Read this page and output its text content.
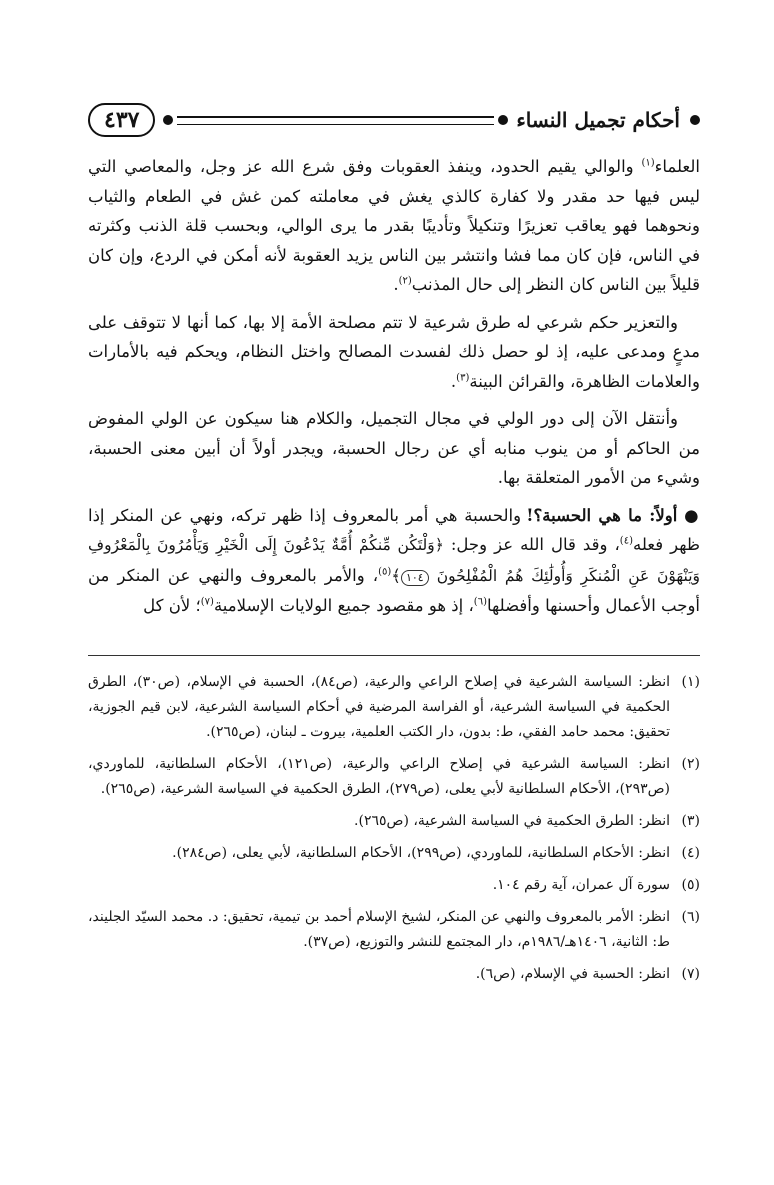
أحكام تجميل النساء
٤٣٧

العلماء$^{(١)}$ والوالي يقيم الحدود، وينفذ العقوبات وفق شرع الله عز وجل، والمعاصي التي ليس فيها حد مقدر ولا كفارة كالذي يغش في معاملته كمن غش في الطعام والثياب ونحوهما فهو يعاقب تعزيرًا وتنكيلاً وتأديبًا بقدر ما يرى الوالي، وبحسب قلة الذنب وكثرته في الناس، فإن كان مما فشا وانتشر بين الناس يزيد العقوبة لأنه أمكن في الردع، وإن كان قليلاً بين الناس كان النظر إلى حال المذنب$^{(٢)}$.

والتعزير حكم شرعي له طرق شرعية لا تتم مصلحة الأمة إلا بها، كما أنها لا تتوقف على مدعٍ ومدعى عليه، إذ لو حصل ذلك لفسدت المصالح واختل النظام، ويحكم فيه بالأمارات والعلامات الظاهرة، والقرائن البينة$^{(٣)}$.

وأنتقل الآن إلى دور الولي في مجال التجميل، والكلام هنا سيكون عن الولي المفوض من الحاكم أو من ينوب منابه أي عن رجال الحسبة، ويجدر أولاً أن أبين معنى الحسبة، وشيء من الأمور المتعلقة بها.

● أولاً: ما هي الحسبة؟! والحسبة هي أمر بالمعروف إذا ظهر تركه، ونهي عن المنكر إذا ظهر فعله$^{(٤)}$، وقد قال الله عز وجل: ﴿وَلْتَكُن مِّنكُمْ أُمَّةٌ يَدْعُونَ إِلَى الْخَيْرِ وَيَأْمُرُونَ بِالْمَعْرُوفِ وَيَنْهَوْنَ عَنِ الْمُنكَرِ وَأُولَٰئِكَ هُمُ الْمُفْلِحُونَ ١٠٤﴾$^{(٥)}$، والأمر بالمعروف والنهي عن المنكر من أوجب الأعمال وأحسنها وأفضلها$^{(٦)}$، إذ هو مقصود جميع الولايات الإسلامية$^{(٧)}$؛ لأن كل

(١)
انظر: السياسة الشرعية في إصلاح الراعي والرعية، (ص٨٤)، الحسبة في الإسلام، (ص٣٠)، الطرق الحكمية في السياسة الشرعية، أو الفراسة المرضية في أحكام السياسة الشرعية، لابن قيم الجوزية، تحقيق: محمد حامد الفقي، ط: بدون، دار الكتب العلمية، بيروت ـ لبنان، (ص٢٦٥).
(٢)
انظر: السياسة الشرعية في إصلاح الراعي والرعية، (ص١٢١)، الأحكام السلطانية، للماوردي، (ص٢٩٣)، الأحكام السلطانية لأبي يعلى، (ص٢٧٩)، الطرق الحكمية في السياسة الشرعية، (ص٢٦٥).
(٣)
انظر: الطرق الحكمية في السياسة الشرعية، (ص٢٦٥).
(٤)
انظر: الأحكام السلطانية، للماوردي، (ص٢٩٩)، الأحكام السلطانية، لأبي يعلى، (ص٢٨٤).
(٥)
سورة آل عمران، آية رقم ١٠٤.
(٦)
انظر: الأمر بالمعروف والنهي عن المنكر، لشيخ الإسلام أحمد بن تيمية، تحقيق: د. محمد السيّد الجليند، ط: الثانية، ١٤٠٦هـ/١٩٨٦م، دار المجتمع للنشر والتوزيع، (ص٣٧).
(٧)
انظر: الحسبة في الإسلام، (ص٦).
